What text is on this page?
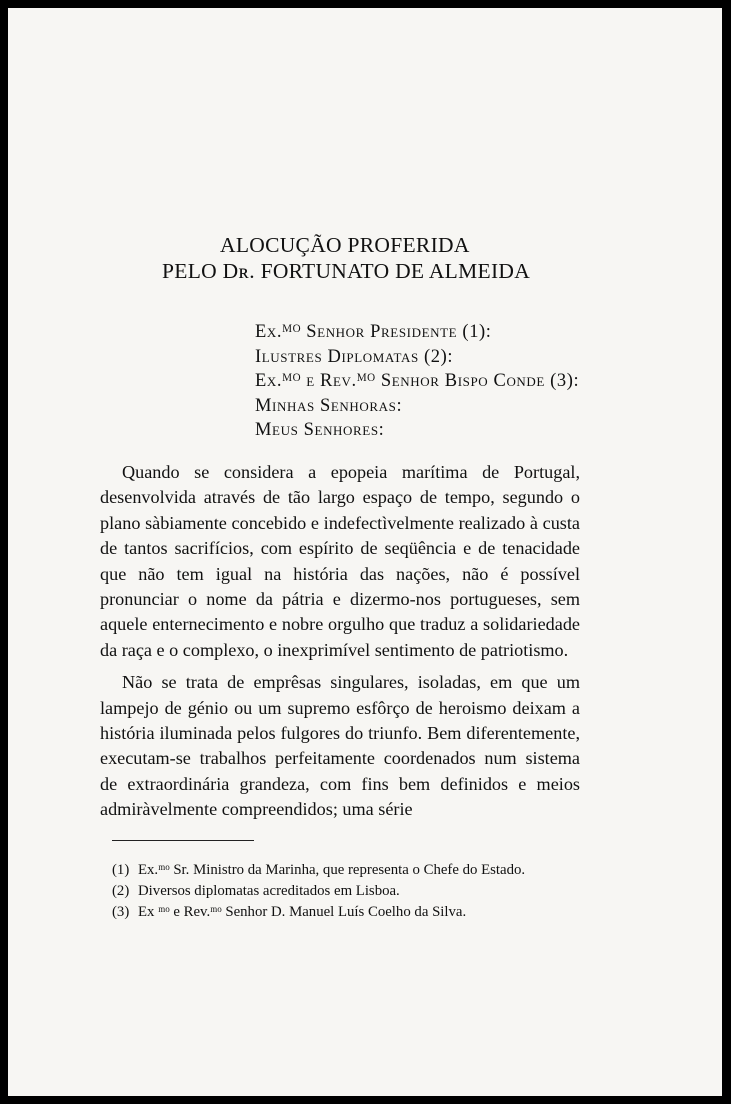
ALOCUÇÃO PROFERIDA
PELO Dʀ. FORTUNATO DE ALMEIDA
Ex.ᴹᴼ Senhor Presidente (1):
Ilustres Diplomatas (2):
Ex.ᴹᴼ e Rev.ᴹᴼ Senhor Bispo Conde (3):
Minhas Senhoras:
Meus Senhores:

Quando se considera a epopeia marítima de Portugal, desenvolvida através de tão largo espaço de tempo, segundo o plano sàbiamente concebido e indefectìvelmente realizado à custa de tantos sacrifícios, com espírito de seqüência e de tenacidade que não tem igual na história das nações, não é possível pronunciar o nome da pátria e dizermo-nos portugueses, sem aquele enternecimento e nobre orgulho que traduz a solidariedade da raça e o complexo, o inexprimível sentimento de patriotismo.

Não se trata de emprêsas singulares, isoladas, em que um lampejo de génio ou um supremo esfôrço de heroismo deixam a história iluminada pelos fulgores do triunfo. Bem diferentemente, executam-se trabalhos perfeitamente coordenados num sistema de extraordinária grandeza, com fins bem definidos e meios admiràvelmente compreendidos; uma série

(1) Ex.ᵐᵒ Sr. Ministro da Marinha, que representa o Chefe do Estado.
(2) Diversos diplomatas acreditados em Lisboa.
(3) Ex ᵐᵒ e Rev.ᵐᵒ Senhor D. Manuel Luís Coelho da Silva.
